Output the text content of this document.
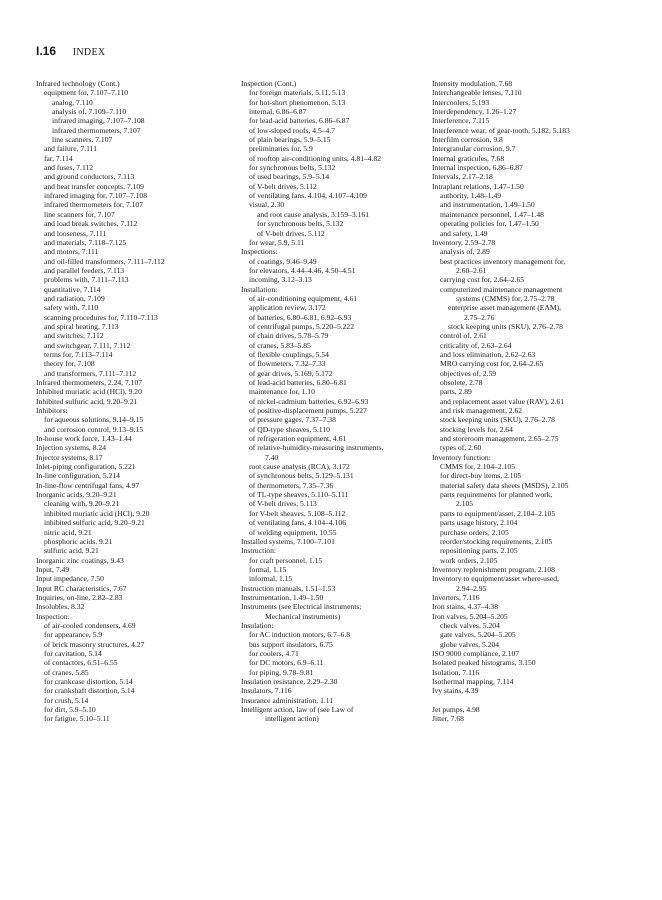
I.16 INDEX
Infrared technology (Cont.)
equipment for, 7.107–7.110
analog, 7.110
analysis of, 7.109–7.110
infrared imaging, 7.107–7.108
infrared thermometers, 7.107
line scanners, 7.107
and failure, 7.111
far, 7.114
and fuses, 7.112
and ground conductors, 7.113
and heat transfer concepts, 7.109
infrared imaging for, 7.107–7.108
infrared thermometers for, 7.107
line scanners for, 7.107
and load break switches, 7.112
and looseness, 7.111
and materials, 7.118–7.125
and motors, 7.111
and oil-filled transformers, 7.111–7.112
and parallel feeders, 7.113
problems with, 7.111–7.113
quantitative, 7.114
and radiation, 7.109
safety with, 7.110
scanning procedures for, 7.110–7.113
and spiral heating, 7.113
and switches, 7.112
and switchgear, 7.111, 7.112
terms for, 7.113–7.114
theory for, 7.108
and transformers, 7.111–7.112
Infrared thermometers, 2.24, 7.107
Inhibited muriatic acid (HCl), 9.20
Inhibited sulfuric acid, 9.20–9.21
Inhibitors:
for aqueous solutions, 9.14–9.15
and corrosion control, 9.13–9.15
In-house work force, 1.43–1.44
Injection systems, 8.24
Injector systems, 8.17
Inlet-piping configuration, 5.221
In-line configuration, 5.214
In-line-flow centrifugal fans, 4.97
Inorganic acids, 9.20–9.21
cleaning with, 9.20–9.21
inhibited muriatic acid (HCl), 9.20
inhibited sulfuric acid, 9.20–9.21
nitric acid, 9.21
phosphoric acids, 9.21
sulfuric acid, 9.21
Inorganic zinc coatings, 9.43
Input, 7.49
Input impedance, 7.50
Input RC characteristics, 7.67
Inquiries, on-line, 2.82–2.83
Insolubles, 8.32
Inspection:
of air-cooled condensers, 4.69
for appearance, 5.9
of brick masonry structures, 4.27
for cavitation, 5.14
of contactors, 6.51–6.55
of cranes, 5.85
for crankcase distortion, 5.14
for crankshaft distortion, 5.14
for crush, 5.14
for dirt, 5.9–5.10
for fatigue, 5.10–5.11
Inspection (Cont.)
for foreign materials, 5.11, 5.13
for hot-short phenomenon, 5.13
internal, 6.86–6.87
for lead-acid batteries, 6.86–6.87
of low-sloped roofs, 4.5–4.7
of plain bearings, 5.9–5.15
preliminaries for, 5.9
of rooftop air-conditioning units, 4.81–4.82
for synchronous belts, 5.132
of used bearings, 5.9–5.14
of V-belt drives, 5.112
of ventilating fans, 4.104, 4.107–4.109
visual, 2.30
and root cause analysis, 3.159–3.161
for synchronous belts, 5.132
of V-belt drives, 5.112
for wear, 5.9, 5.11
Inspections:
of coatings, 9.46–9.49
for elevators, 4.44–4.46, 4.50–4.51
incoming, 3.12–3.13
Installation:
of air-conditioning equipment, 4.61
application review, 3.172
of batteries, 6.80–6.81, 6.92–6.93
of centrifugal pumps, 5.220–5.222
of chain drives, 5.78–5.79
of cranes, 5.83–5.85
of flexible couplings, 5.54
of flowmeters, 7.32–7.33
of gear drives, 5.169, 5.172
of lead-acid batteries, 6.80–6.81
maintenance for, 1.10
of nickel-cadmium batteries, 6.92–6.93
of positive-displacement pumps, 5.227
of pressure gages, 7.37–7.38
of QD-type sheaves, 5.110
of refrigeration equipment, 4.61
of relative-humidity-measuring instruments,
7.40
root cause analysis (RCA), 3.172
of synchronous belts, 5.129–5.131
of thermometers, 7.35–7.36
of TL-type sheaves, 5.110–5.111
of V-belt drives, 5.113
for V-belt sheaves, 5.108–5.112
of ventilating fans, 4.104–4.106
of welding equipment, 10.55
Installed systems, 7.100–7.101
Instruction:
for craft personnel, 1.15
formal, 1.15
informal, 1.15
Instruction manuals, 1.51–1.53
Instrumentation, 1.49–1.50
Instruments (see Electrical instruments;
Mechanical instruments)
Insulation:
for AC induction motors, 6.7–6.8
bus support insulators, 6.75
for coolers, 4.71
for DC motors, 6.9–6.11
for piping, 9.78–9.81
Insulation resistance, 2.29–2.30
Insulators, 7.116
Insurance administration, 1.11
Intelligent action, law of (see Law of
intelligent action)
Intensity modulation, 7.68
Interchangeable lenses, 7.110
Intercoolers, 5.193
Interdependency, 1.26–1.27
Interference, 7.115
Interference wear, of gear-tooth, 5.182, 5.183
Interfilm corrosion, 9.8
Intergranular corrosion, 9.7
Internal graticules, 7.68
Internal inspection, 6.86–6.87
Intervals, 2.17–2.18
Intraplant relations, 1.47–1.50
authority, 1.48–1.49
and instrumentation, 1.49–1.50
maintenance personnel, 1.47–1.48
operating policies for, 1.47–1.50
and safety, 1.49
Inventory, 2.59–2.78
analysis of, 2.89
best practices inventory management for,
2.60–2.61
carrying cost for, 2.64–2.65
computerized maintenance management
systems (CMMS) for, 2.75–2.78
enterprise asset management (EAM),
2.75–2.76
stock keeping units (SKU), 2.76–2.78
control of, 2.61
criticality of, 2.63–2.64
and loss elimination, 2.62–2.63
MRO carrying cost for, 2.64–2.65
objectives of, 2.59
obsolete, 2.78
parts, 2.89
and replacement asset value (RAV), 2.61
and risk management, 2.62
stock keeping units (SKU), 2.76–2.78
stocking levels for, 2.64
and storeroom management, 2.65–2.75
types of, 2.60
Inventory function:
CMMS for, 2.104–2.105
for direct-buy items, 2.105
material safety data sheets (MSDS), 2.105
parts requirements for planned work,
2.105
parts to equipment/asset, 2.104–2.105
parts usage history, 2.104
purchase orders, 2.105
reorder/stocking requirements, 2.105
repositioning parts, 2.105
work orders, 2.105
Inventory replenishment program, 2.108
Inventory to equipment/asset where-used,
2.94–2.95
Inverters, 7.116
Iron stains, 4.37–4.38
Iron valves, 5.204–5.205
check valves, 5.204
gate valves, 5.204–5.205
globe valves, 5.204
ISO 9000 compliance, 2.107
Isolated peaked histograms, 3.150
Isolation, 7.116
Isothermal mapping, 7.114
Ivy stains, 4.39
Jet pumps, 4.98
Jitter, 7.68
